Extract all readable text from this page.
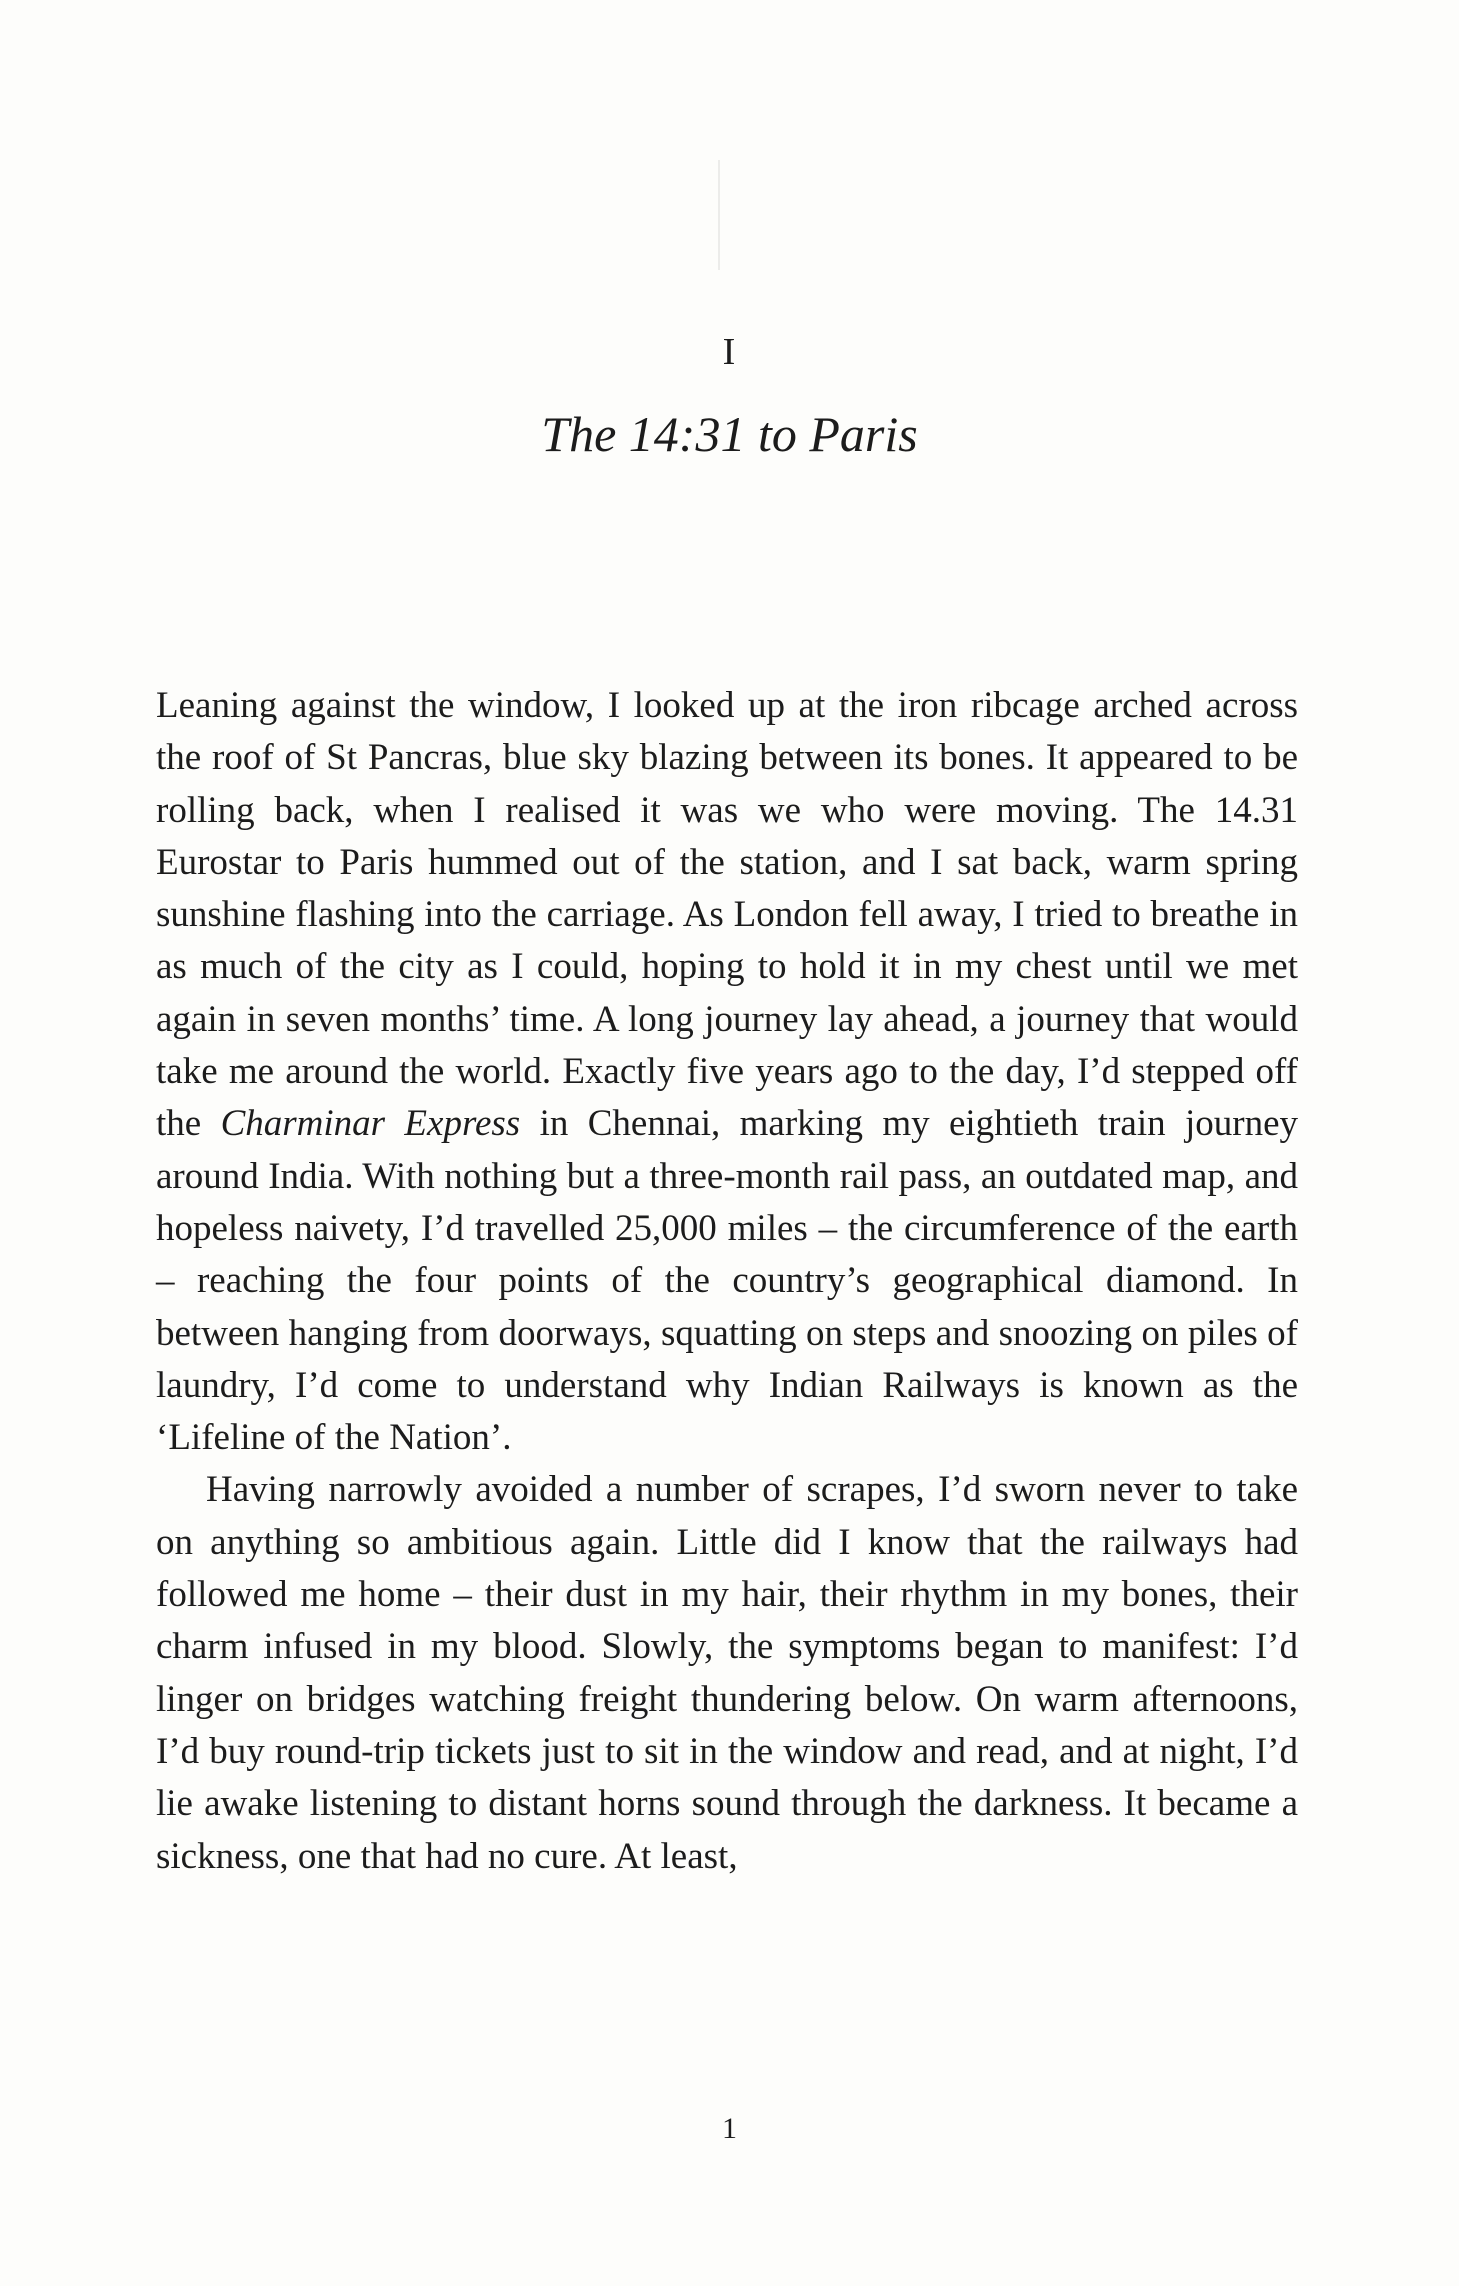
I
The 14:31 to Paris

Leaning against the window, I looked up at the iron ribcage arched across the roof of St Pancras, blue sky blazing between its bones. It appeared to be rolling back, when I realised it was we who were moving. The 14.31 Eurostar to Paris hummed out of the station, and I sat back, warm spring sunshine flashing into the carriage. As London fell away, I tried to breathe in as much of the city as I could, hoping to hold it in my chest until we met again in seven months’ time. A long journey lay ahead, a journey that would take me around the world. Exactly five years ago to the day, I’d stepped off the Charminar Express in Chennai, marking my eightieth train journey around India. With nothing but a three-month rail pass, an outdated map, and hopeless naivety, I’d travelled 25,000 miles – the circumference of the earth – reaching the four points of the country’s geographical diamond. In between hanging from doorways, squatting on steps and snoozing on piles of laundry, I’d come to understand why Indian Railways is known as the ‘Lifeline of the Nation’.

Having narrowly avoided a number of scrapes, I’d sworn never to take on anything so ambitious again. Little did I know that the railways had followed me home – their dust in my hair, their rhythm in my bones, their charm infused in my blood. Slowly, the symptoms began to manifest: I’d linger on bridges watching freight thundering below. On warm afternoons, I’d buy round-trip tickets just to sit in the window and read, and at night, I’d lie awake listening to distant horns sound through the darkness. It became a sickness, one that had no cure. At least,

1
